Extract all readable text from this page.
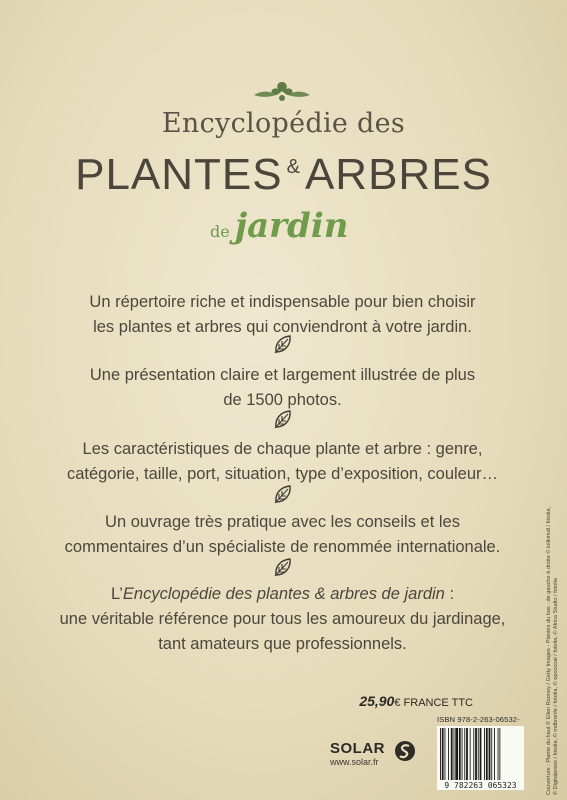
Encyclopédie des
PLANTES &ARBRES
de jardin
Un répertoire riche et indispensable pour bien choisir
les plantes et arbres qui conviendront à votre jardin.
Une présentation claire et largement illustrée de plus
de 1500 photos.
Les caractéristiques de chaque plante et arbre : genre,
catégorie, taille, port, situation, type d’exposition, couleur…
Un ouvrage très pratique avec les conseils et les
commentaires d’un spécialiste de renommée internationale.
L’Encyclopédie des plantes & arbres de jardin :
une véritable référence pour tous les amoureux du jardinage,
tant amateurs que professionnels.
25,90€ FRANCE TTC
ISBN 978-2-263-06532-3
9 782263 065323
SOLAR
www.solar.fr	Couverture : Plante du haut © Ellen Rooney / Getty Images - Plantes du bas : de gauche à droite © lolikimdl / fotolia, © Digitalpress / fotolia, © mdbrenfe / fotolia, © epoxcoal / fotolia, © Africa Studio / fotolia
